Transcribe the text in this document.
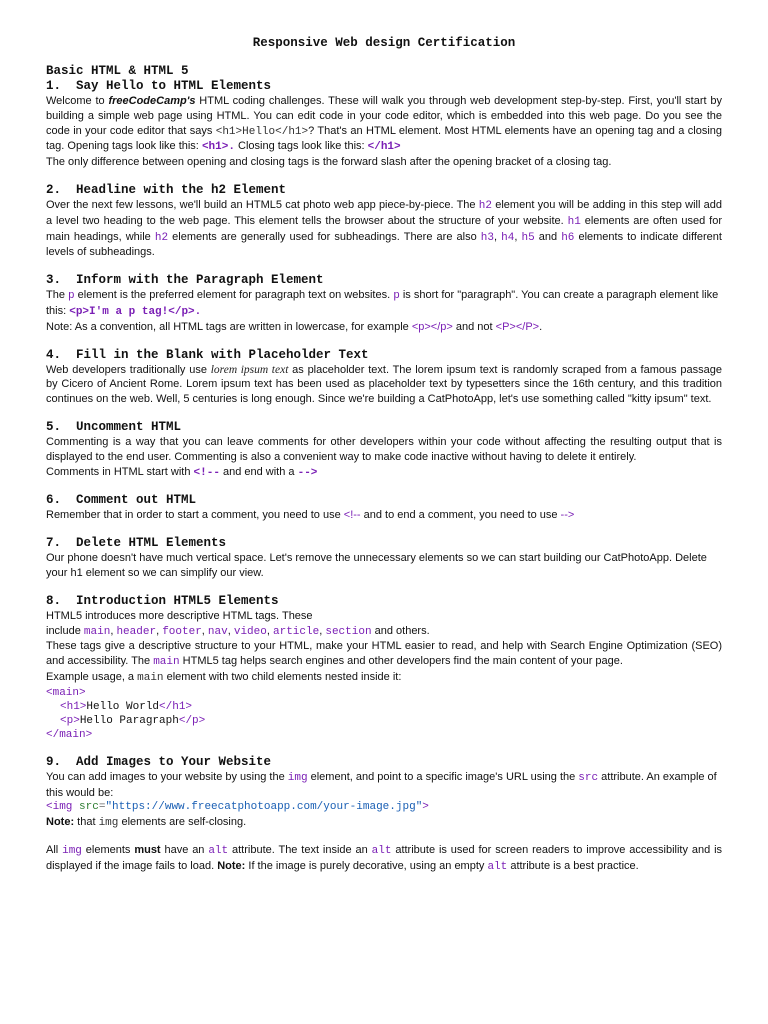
Responsive Web design Certification
Basic HTML & HTML 5
1.  Say Hello to HTML Elements

Welcome to freeCodeCamp's HTML coding challenges. These will walk you through web development step-by-step. First, you'll start by building a simple web page using HTML. You can edit code in your code editor, which is embedded into this web page. Do you see the code in your code editor that says <h1>Hello</h1>? That's an HTML element. Most HTML elements have an opening tag and a closing tag. Opening tags look like this: <h1>. Closing tags look like this: </h1>
The only difference between opening and closing tags is the forward slash after the opening bracket of a closing tag.

2.  Headline with the h2 Element

Over the next few lessons, we'll build an HTML5 cat photo web app piece-by-piece. The h2 element you will be adding in this step will add a level two heading to the web page. This element tells the browser about the structure of your website. h1 elements are often used for main headings, while h2 elements are generally used for subheadings. There are also h3, h4, h5 and h6 elements to indicate different levels of subheadings.

3.  Inform with the Paragraph Element

The p element is the preferred element for paragraph text on websites. p is short for "paragraph". You can create a paragraph element like this: <p>I'm a p tag!</p>.
Note: As a convention, all HTML tags are written in lowercase, for example <p></p> and not <P></P>.

4.  Fill in the Blank with Placeholder Text

Web developers traditionally use lorem ipsum text as placeholder text. The lorem ipsum text is randomly scraped from a famous passage by Cicero of Ancient Rome. Lorem ipsum text has been used as placeholder text by typesetters since the 16th century, and this tradition continues on the web. Well, 5 centuries is long enough. Since we're building a CatPhotoApp, let's use something called "kitty ipsum" text.

5.  Uncomment HTML

Commenting is a way that you can leave comments for other developers within your code without affecting the resulting output that is displayed to the end user. Commenting is also a convenient way to make code inactive without having to delete it entirely.

Comments in HTML start with <!-- and end with a -->

6.  Comment out HTML

Remember that in order to start a comment, you need to use <!-- and to end a comment, you need to use -->

7.  Delete HTML Elements

Our phone doesn't have much vertical space. Let's remove the unnecessary elements so we can start building our CatPhotoApp. Delete your h1 element so we can simplify our view.

8.  Introduction HTML5 Elements

HTML5 introduces more descriptive HTML tags. These
include main, header, footer, nav, video, article, section and others.

These tags give a descriptive structure to your HTML, make your HTML easier to read, and help with Search Engine Optimization (SEO) and accessibility. The main HTML5 tag helps search engines and other developers find the main content of your page.

Example usage, a main element with two child elements nested inside it:

<main>
<h1>Hello World</h1>
<p>Hello Paragraph</p>
</main>
9.  Add Images to Your Website

You can add images to your website by using the img element, and point to a specific image's URL using the src attribute. An example of this would be:

<img src="https://www.freecatphotoapp.com/your-image.jpg">

Note: that img elements are self-closing.

All img elements must have an alt attribute. The text inside an alt attribute is used for screen readers to improve accessibility and is displayed if the image fails to load. Note: If the image is purely decorative, using an empty alt attribute is a best practice.
